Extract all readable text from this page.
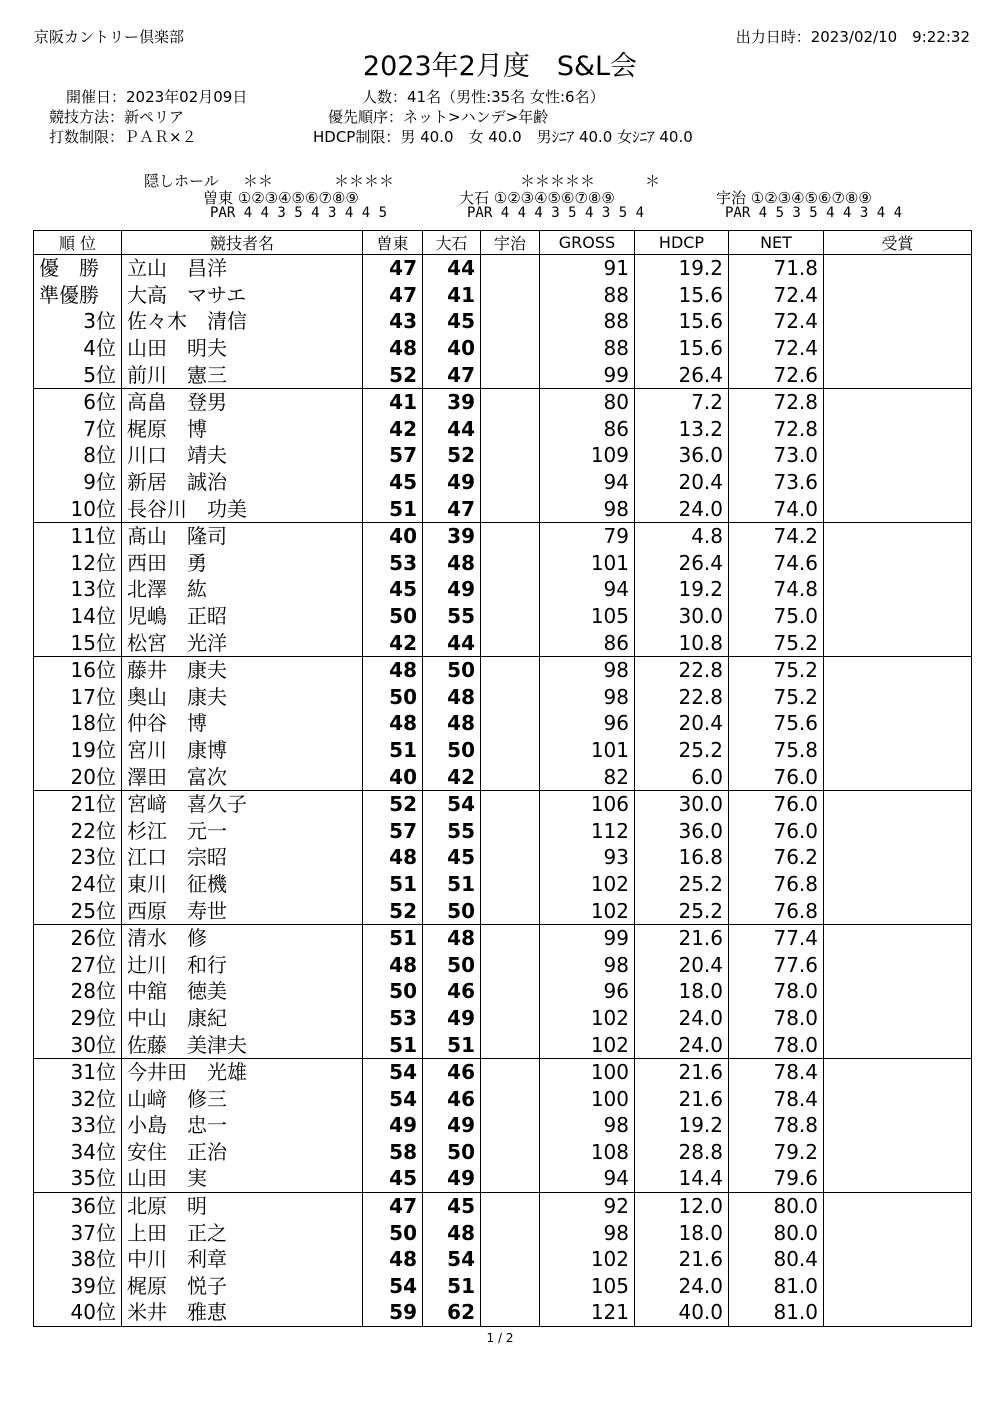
京阪カントリー倶楽部	出力日時：2023/02/10　9:22:32
2023年2月度　S&L会
開催日：2023年02月09日	人数：41名（男性:35名 女性:6名）
競技方法：新ペリア	優先順序：ネット>ハンデ>年齢
打数制限：ＰＡＲ×２	HDCP制限：男 40.0　女 40.0　男ｼﾆｱ 40.0 女ｼﾆｱ 40.0
隠しホール ＊＊	＊＊＊＊	＊＊＊＊＊	＊
曽東 ①②③④⑤⑥⑦⑧⑨
PAR 4 4 3 5 4 3 4 4 5
大石 ①②③④⑤⑥⑦⑧⑨
PAR 4 4 4 3 5 4 3 5 4
宇治 ①②③④⑤⑥⑦⑧⑨
PAR 4 5 3 5 4 4 3 4 4
順 位	競技者名	曽東	大石	宇治	GROSS	HDCP	NET	受賞
優　勝	立山　昌洋	47	44		91	19.2	71.8	
準優勝	大高　マサエ	47	41		88	15.6	72.4	
3位	佐々木　清信	43	45		88	15.6	72.4	
4位	山田　明夫	48	40		88	15.6	72.4	
5位	前川　憲三	52	47		99	26.4	72.6	
6位	高畠　登男	41	39		80	7.2	72.8	
7位	梶原　博	42	44		86	13.2	72.8	
8位	川口　靖夫	57	52		109	36.0	73.0	
9位	新居　誠治	45	49		94	20.4	73.6	
10位	長谷川　功美	51	47		98	24.0	74.0	
11位	髙山　隆司	40	39		79	4.8	74.2	
12位	西田　勇	53	48		101	26.4	74.6	
13位	北澤　紘	45	49		94	19.2	74.8	
14位	児嶋　正昭	50	55		105	30.0	75.0	
15位	松宮　光洋	42	44		86	10.8	75.2	
16位	藤井　康夫	48	50		98	22.8	75.2	
17位	奥山　康夫	50	48		98	22.8	75.2	
18位	仲谷　博	48	48		96	20.4	75.6	
19位	宮川　康博	51	50		101	25.2	75.8	
20位	澤田　富次	40	42		82	6.0	76.0	
21位	宮﨑　喜久子	52	54		106	30.0	76.0	
22位	杉江　元一	57	55		112	36.0	76.0	
23位	江口　宗昭	48	45		93	16.8	76.2	
24位	東川　征機	51	51		102	25.2	76.8	
25位	西原　寿世	52	50		102	25.2	76.8	
26位	清水　修	51	48		99	21.6	77.4	
27位	辻川　和行	48	50		98	20.4	77.6	
28位	中舘　徳美	50	46		96	18.0	78.0	
29位	中山　康紀	53	49		102	24.0	78.0	
30位	佐藤　美津夫	51	51		102	24.0	78.0	
31位	今井田　光雄	54	46		100	21.6	78.4	
32位	山﨑　修三	54	46		100	21.6	78.4	
33位	小島　忠一	49	49		98	19.2	78.8	
34位	安住　正治	58	50		108	28.8	79.2	
35位	山田　実	45	49		94	14.4	79.6	
36位	北原　明	47	45		92	12.0	80.0	
37位	上田　正之	50	48		98	18.0	80.0	
38位	中川　利章	48	54		102	21.6	80.4	
39位	梶原　悦子	54	51		105	24.0	81.0	
40位	米井　雅恵	59	62		121	40.0	81.0	
1 / 2
